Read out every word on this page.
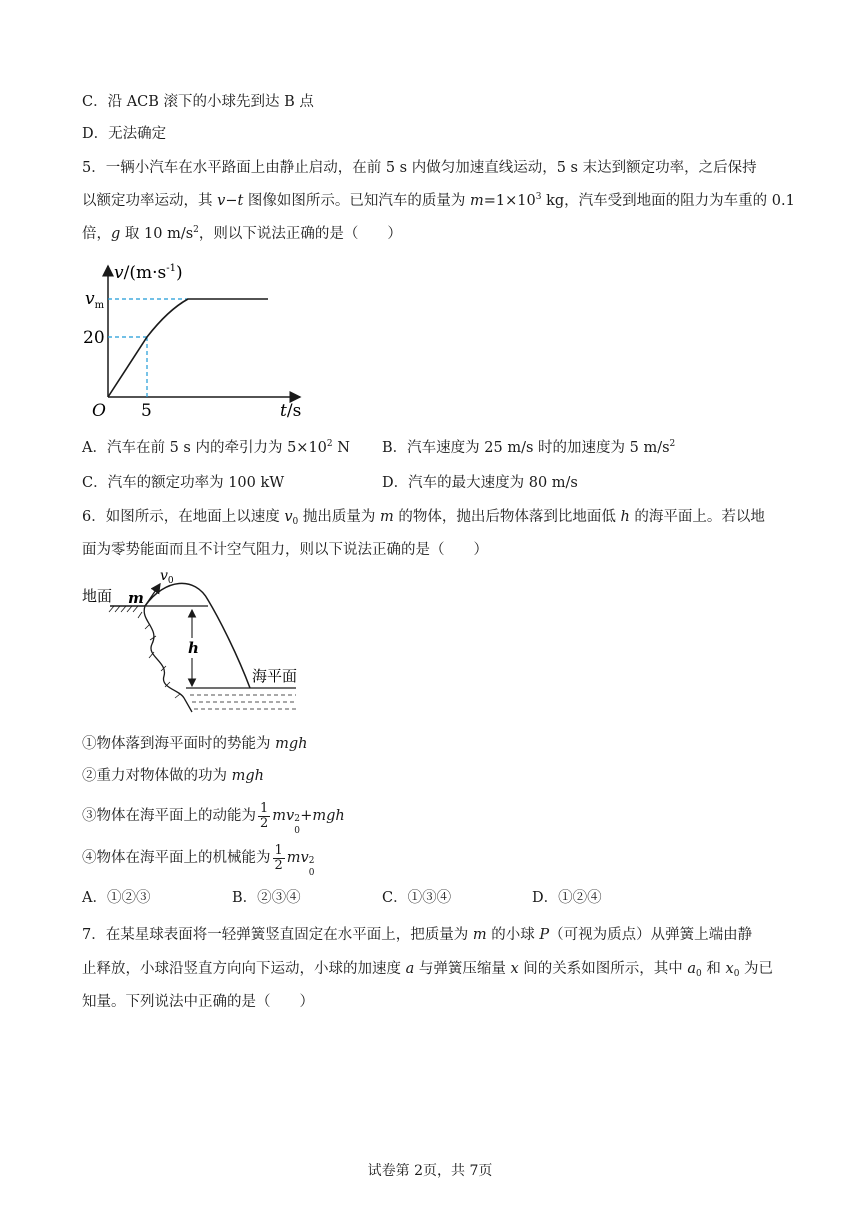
C．沿 ACB 滚下的小球先到达 B 点
D．无法确定
5．一辆小汽车在水平路面上由静止启动，在前 5 s 内做匀加速直线运动，5 s 末达到额定功率，之后保持
以额定功率运动，其 v−t 图像如图所示。已知汽车的质量为 $m=1\times 10^3$ kg，汽车受到地面的阻力为车重的 0.1
倍，g 取 10 $m/s^2$，则以下说法正确的是（　　）
$v/(m\cdot s^{-1})$
$v_m$
20
O 5	t/s
A．汽车在前 5 s 内的牵引力为 $5\times 10^2$ N B．汽车速度为 25 m/s 时的加速度为 5 $m/s^2$
C．汽车的额定功率为 100 kW	D．汽车的最大速度为 80 m/s
6．如图所示，在地面上以速度 $v_0$ 抛出质量为 m 的物体，抛出后物体落到比地面低 h 的海平面上。若以地
面为零势能面而且不计空气阻力，则以下说法正确的是（　　）
地面 m
$v_0$
h
海平面
①物体落到海平面时的势能为 mgh
②重力对物体做的功为 mgh
③物体在海平面上的动能为 $\frac{1}{2}$ mv 2
0
+mgh
④物体在海平面上的机械能为 $\frac{1}{2}$ mv 2
0
A．①②③	B．②③④	C．①③④	D．①②④
7．在某星球表面将一轻弹簧竖直固定在水平面上，把质量为 m 的小球 P（可视为质点）从弹簧上端由静
止释放，小球沿竖直方向向下运动，小球的加速度 a 与弹簧压缩量 x 间的关系如图所示，其中 $a_0$ 和 $x_0$ 为已
知量。下列说法中正确的是（　　）
试卷第 2页，共 7页
